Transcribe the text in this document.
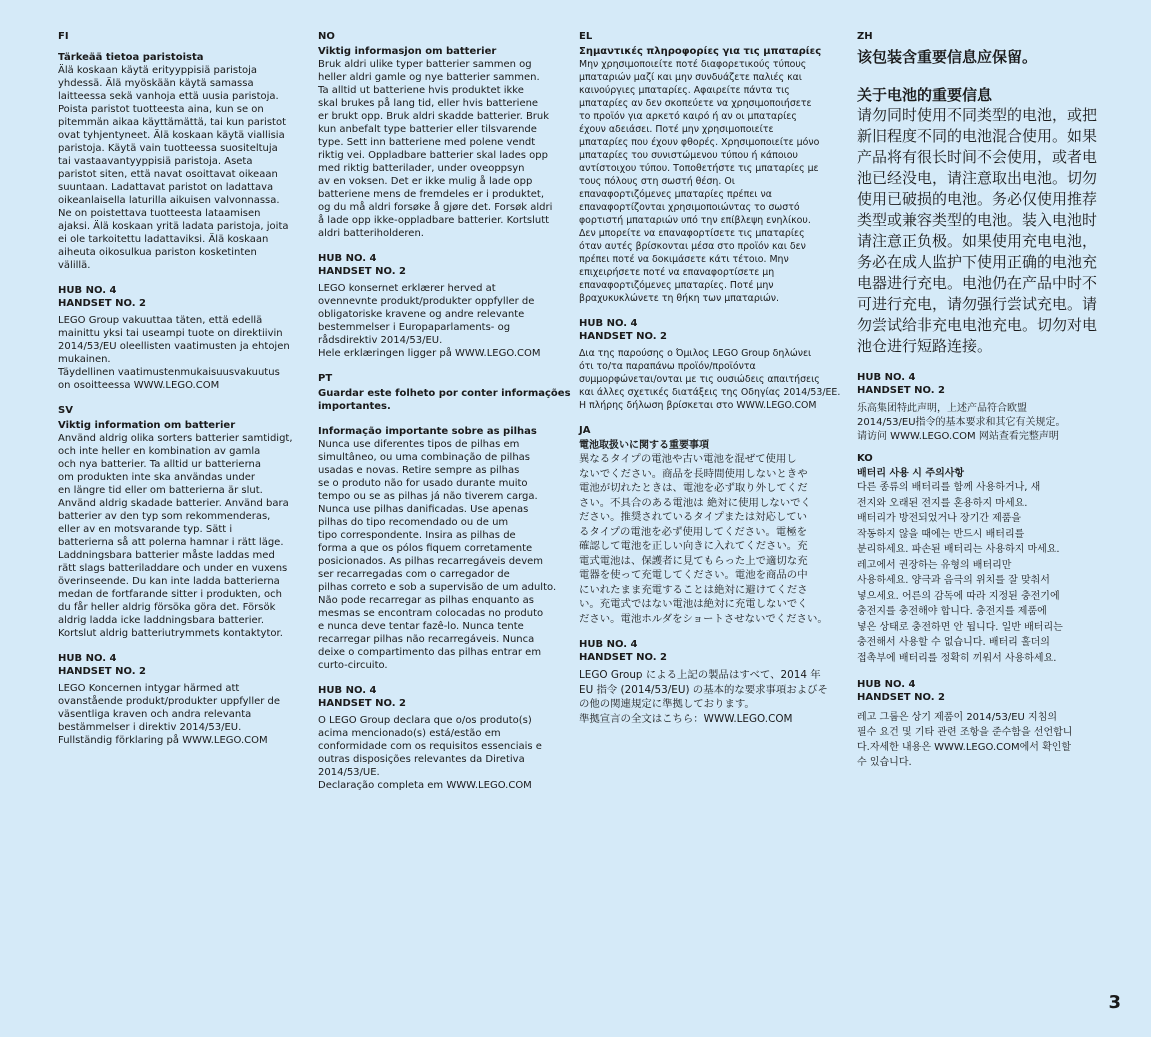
FI

Tärkeää tietoa paristoista

Älä koskaan käytä erityyppisiä paristoja
yhdessä. Älä myöskään käytä samassa
laitteessa sekä vanhoja että uusia paristoja.
Poista paristot tuotteesta aina, kun se on
pitemmän aikaa käyttämättä, tai kun paristot
ovat tyhjentyneet. Älä koskaan käytä viallisia
paristoja. Käytä vain tuotteessa suositeltuja
tai vastaavantyyppisiä paristoja. Aseta
paristot siten, että navat osoittavat oikeaan
suuntaan. Ladattavat paristot on ladattava
oikeanlaisella laturilla aikuisen valvonnassa.
Ne on poistettava tuotteesta lataamisen
ajaksi. Älä koskaan yritä ladata paristoja, joita
ei ole tarkoitettu ladattaviksi. Älä koskaan
aiheuta oikosulkua pariston kosketinten
välillä.

HUB NO. 4

HANDSET NO. 2

LEGO Group vakuuttaa täten, että edellä
mainittu yksi tai useampi tuote on direktiivin
2014/53/EU oleellisten vaatimusten ja ehtojen
mukainen.
Täydellinen vaatimustenmukaisuusvakuutus
on osoitteessa WWW.LEGO.COM

SV

Viktig information om batterier

Använd aldrig olika sorters batterier samtidigt,
och inte heller en kombination av gamla
och nya batterier. Ta alltid ur batterierna
om produkten inte ska användas under
en längre tid eller om batterierna är slut.
Använd aldrig skadade batterier. Använd bara
batterier av den typ som rekommenderas,
eller av en motsvarande typ. Sätt i
batterierna så att polerna hamnar i rätt läge.
Laddningsbara batterier måste laddas med
rätt slags batteriladdare och under en vuxens
överinseende. Du kan inte ladda batterierna
medan de fortfarande sitter i produkten, och
du får heller aldrig försöka göra det. Försök
aldrig ladda icke laddningsbara batterier.
Kortslut aldrig batteriutrymmets kontaktytor.

HUB NO. 4

HANDSET NO. 2

LEGO Koncernen intygar härmed att
ovanstående produkt/produkter uppfyller de
väsentliga kraven och andra relevanta
bestämmelser i direktiv 2014/53/EU.
Fullständig förklaring på WWW.LEGO.COM

NO

Viktig informasjon om batterier

Bruk aldri ulike typer batterier sammen og
heller aldri gamle og nye batterier sammen.
Ta alltid ut batteriene hvis produktet ikke
skal brukes på lang tid, eller hvis batteriene
er brukt opp. Bruk aldri skadde batterier. Bruk
kun anbefalt type batterier eller tilsvarende
type. Sett inn batteriene med polene vendt
riktig vei. Oppladbare batterier skal lades opp
med riktig batterilader, under oveoppsyn
av en voksen. Det er ikke mulig å lade opp
batteriene mens de fremdeles er i produktet,
og du må aldri forsøke å gjøre det. Forsøk aldri
å lade opp ikke-oppladbare batterier. Kortslutt
aldri batteriholderen.

HUB NO. 4

HANDSET NO. 2

LEGO konsernet erklærer herved at
ovennevnte produkt/produkter oppfyller de
obligatoriske kravene og andre relevante
bestemmelser i Europaparlaments- og
rådsdirektiv 2014/53/EU.
Hele erklæringen ligger på WWW.LEGO.COM

PT

Guardar este folheto por conter informações
importantes.

Informação importante sobre as pilhas

Nunca use diferentes tipos de pilhas em
simultâneo, ou uma combinação de pilhas
usadas e novas. Retire sempre as pilhas
se o produto não for usado durante muito
tempo ou se as pilhas já não tiverem carga.
Nunca use pilhas danificadas. Use apenas
pilhas do tipo recomendado ou de um
tipo correspondente. Insira as pilhas de
forma a que os pólos fiquem corretamente
posicionados. As pilhas recarregáveis devem
ser recarregadas com o carregador de
pilhas correto e sob a supervisão de um adulto.
Não pode recarregar as pilhas enquanto as
mesmas se encontram colocadas no produto
e nunca deve tentar fazê-lo. Nunca tente
recarregar pilhas não recarregáveis. Nunca
deixe o compartimento das pilhas entrar em
curto-circuito.

HUB NO. 4

HANDSET NO. 2

O LEGO Group declara que o/os produto(s)
acima mencionado(s) está/estão em
conformidade com os requisitos essenciais e
outras disposições relevantes da Diretiva
2014/53/UE.
Declaração completa em WWW.LEGO.COM

EL

Σημαντικές πληροφορίες για τις μπαταρίες

Μην χρησιμοποιείτε ποτέ διαφορετικούς τύπους
μπαταριών μαζί και μην συνδυάζετε παλιές και
καινούργιες μπαταρίες. Αφαιρείτε πάντα τις
μπαταρίες αν δεν σκοπεύετε να χρησιμοποιήσετε
το προϊόν για αρκετό καιρό ή αν οι μπαταρίες
έχουν αδειάσει. Ποτέ μην χρησιμοποιείτε
μπαταρίες που έχουν φθορές. Χρησιμοποιείτε μόνο
μπαταρίες του συνιστώμενου τύπου ή κάποιου
αντίστοιχου τύπου. Τοποθετήστε τις μπαταρίες με
τους πόλους στη σωστή θέση. Οι
επαναφορτιζόμενες μπαταρίες πρέπει να
επαναφορτίζονται χρησιμοποιώντας το σωστό
φορτιστή μπαταριών υπό την επίβλεψη ενηλίκου.
Δεν μπορείτε να επαναφορτίσετε τις μπαταρίες
όταν αυτές βρίσκονται μέσα στο προϊόν και δεν
πρέπει ποτέ να δοκιμάσετε κάτι τέτοιο. Μην
επιχειρήσετε ποτέ να επαναφορτίσετε μη
επαναφορτιζόμενες μπαταρίες. Ποτέ μην
βραχυκυκλώνετε τη θήκη των μπαταριών.

HUB NO. 4

HANDSET NO. 2

Δια της παρούσης ο Όμιλος LEGO Group δηλώνει
ότι το/τα παραπάνω προϊόν/προϊόντα
συμμορφώνεται/ονται με τις ουσιώδεις απαιτήσεις
και άλλες σχετικές διατάξεις της Οδηγίας 2014/53/ΕΕ.
Η πλήρης δήλωση βρίσκεται στο WWW.LEGO.COM

JA

電池取扱いに関する重要事項

異なるタイプの電池や古い電池を混ぜて使用し
ないでください。商品を長時間使用しないときや
電池が切れたときは、電池を必ず取り外してくだ
さい。不具合のある電池は 絶対に使用しないでく
ださい。推奨されているタイプまたは対応してい
るタイプの電池を必ず使用してください。電極を
確認して電池を正しい向きに入れてください。充
電式電池は、保護者に見てもらった上で適切な充
電器を使って充電してください。電池を商品の中
にいれたまま充電することは絶対に避けてくださ
い。充電式ではない電池は絶対に充電しないでく
ださい。電池ホルダをショートさせないでください。

HUB NO. 4

HANDSET NO. 2

LEGO Group による上記の製品はすべて、2014 年
EU 指令 (2014/53/EU) の基本的な要求事項およびそ
の他の関連規定に準拠しております。
準拠宣言の全文はこちら：WWW.LEGO.COM

ZH

该包装含重要信息应保留。

关于电池的重要信息

请勿同时使用不同类型的电池，或把
新旧程度不同的电池混合使用。如果
产品将有很长时间不会使用，或者电
池已经没电，请注意取出电池。切勿
使用已破损的电池。务必仅使用推荐
类型或兼容类型的电池。装入电池时
请注意正负极。如果使用充电电池，
务必在成人监护下使用正确的电池充
电器进行充电。电池仍在产品中时不
可进行充电，请勿强行尝试充电。请
勿尝试给非充电电池充电。切勿对电
池仓进行短路连接。

HUB NO. 4

HANDSET NO. 2

乐高集团特此声明，上述产品符合欧盟
2014/53/EU指令的基本要求和其它有关规定。
请访问 WWW.LEGO.COM 网站查看完整声明

KO

배터리 사용 시 주의사항

다른 종류의 배터리를 함께 사용하거나, 새
전지와 오래된 전지를 혼용하지 마세요.
배터리가 방전되었거나 장기간 제품을
작동하지 않을 때에는 반드시 배터리를
분리하세요. 파손된 배터리는 사용하지 마세요.
레고에서 권장하는 유형의 배터리만
사용하세요. 양극과 음극의 위치를 잘 맞춰서
넣으세요. 어른의 감독에 따라 지정된 충전기에
충전지를 충전해야 합니다. 충전지를 제품에
넣은 상태로 충전하면 안 됩니다. 일반 배터리는
충전해서 사용할 수 없습니다. 배터리 홀더의
접촉부에 배터리를 정확히 끼워서 사용하세요.

HUB NO. 4

HANDSET NO. 2

레고 그룹은 상기 제품이 2014/53/EU 지침의
필수 요건 및 기타 관련 조항을 준수함을 선언합니
다.자세한 내용은 WWW.LEGO.COM에서 확인할
수 있습니다.

3
